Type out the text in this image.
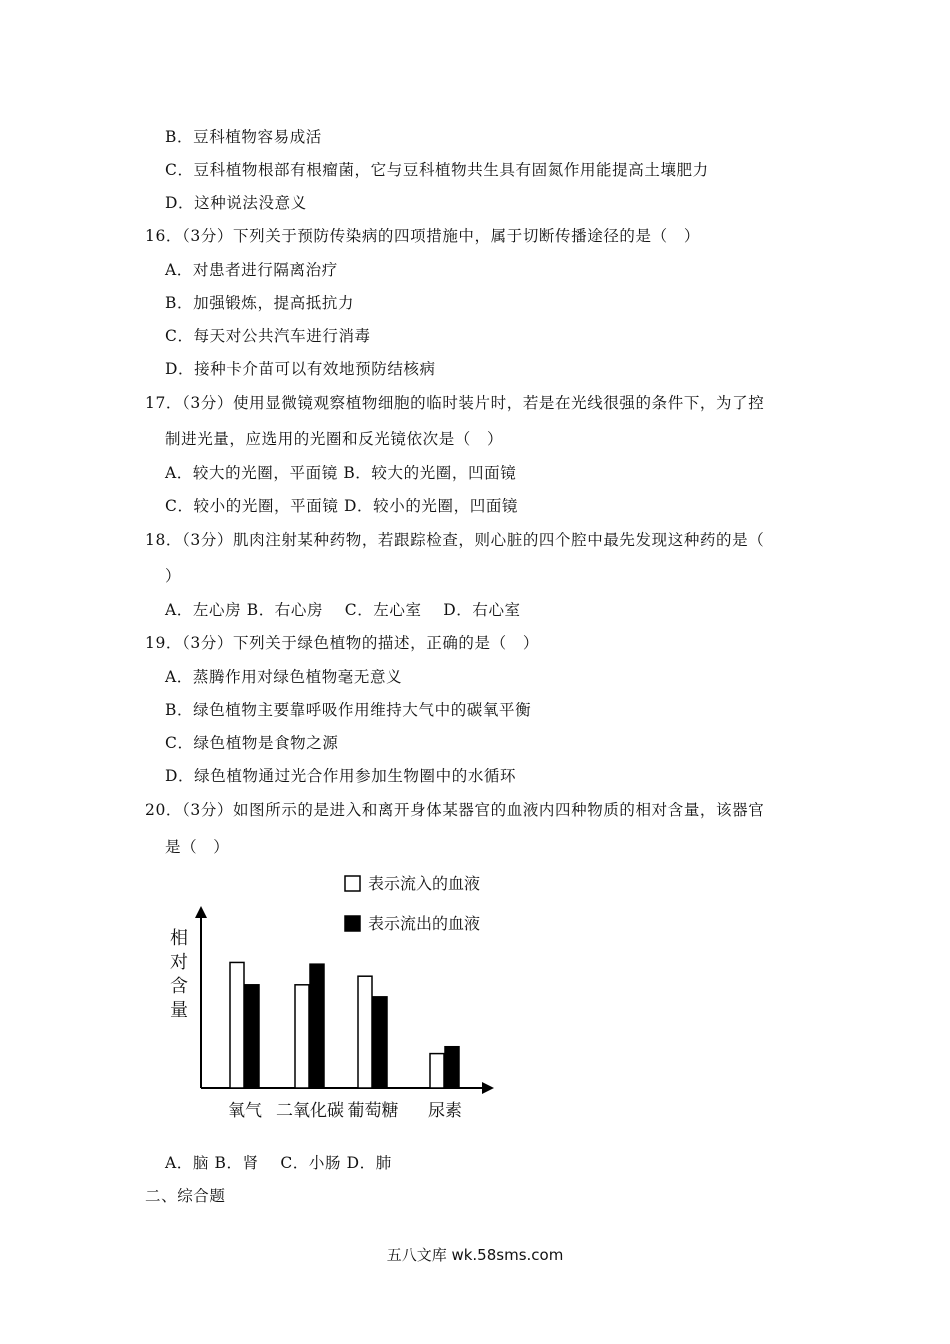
B．豆科植物容易成活
C．豆科植物根部有根瘤菌，它与豆科植物共生具有固氮作用能提高土壤肥力
D．这种说法没意义
16．（3分）下列关于预防传染病的四项措施中，属于切断传播途径的是（　）
A．对患者进行隔离治疗
B．加强锻炼，提高抵抗力
C．每天对公共汽车进行消毒
D．接种卡介苗可以有效地预防结核病
17．（3分）使用显微镜观察植物细胞的临时装片时，若是在光线很强的条件下，为了控
制进光量，应选用的光圈和反光镜依次是（　）
A．较大的光圈，平面镜 B．较大的光圈，凹面镜
C．较小的光圈，平面镜 D．较小的光圈，凹面镜
18．（3分）肌肉注射某种药物，若跟踪检查，则心脏的四个腔中最先发现这种药的是（
）
A．左心房 B．右心房　 C．左心室　 D．右心室
19．（3分）下列关于绿色植物的描述，正确的是（　）
A．蒸腾作用对绿色植物毫无意义
B．绿色植物主要靠呼吸作用维持大气中的碳氧平衡
C．绿色植物是食物之源
D．绿色植物通过光合作用参加生物圈中的水循环
20．（3分）如图所示的是进入和离开身体某器官的血液内四种物质的相对含量，该器官
是（　）
表示流入的血液
表示流出的血液
相
对
含
量
氧气 二氧化碳 葡萄糖 尿素
A．脑 B．肾　 C．小肠 D．肺
二、综合题
五八文库 wk.58sms.com
